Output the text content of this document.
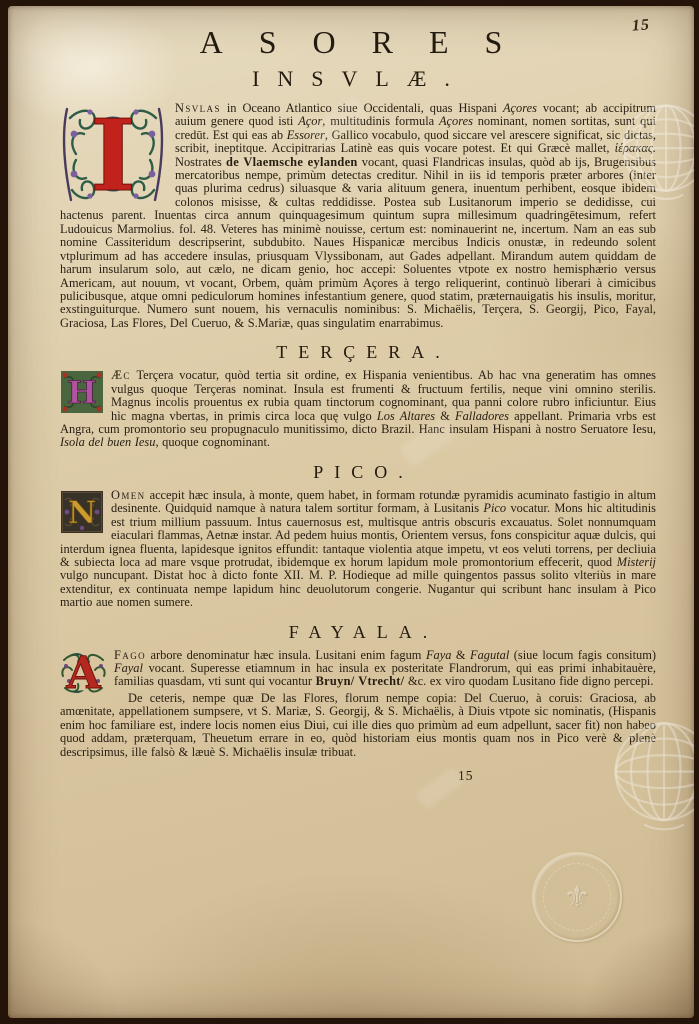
15
ASORES
INSVLÆ.

I	Nsvlas in Oceano Atlantico siue Occidentali, quas Hispani Açores vocant; ab accipitrum auium genere quod isti Açor, multitudinis formula Açores nominant, nomen sortitas, sunt qui credūt. Est qui eas ab Essorer, Gallico vocabulo, quod siccare vel arescere significat, sic dictas, scribit, ineptitque. Accipitrarias Latinè eas quis vocare potest. Et qui Græcè mallet, ἱέρακας. Nostrates de Vlaemsche eylanden vocant, quasi Flandricas insulas, quòd ab ijs, Brugensibus mercatoribus nempe, primùm detectas creditur. Nihil in iis id temporis præter arbores (inter quas plurima cedrus) siluasque & varia alituum genera, inuentum perhibent, eosque ibidem colonos misisse, & cultas reddidisse. Postea sub Lusitanorum imperio se dedidisse, cui hactenus parent. Inuentas circa annum quinquagesimum quintum supra millesimum quadringētesimum, refert Ludouicus Marmolius. fol. 48. Veteres has minimè nouisse, certum est: nominauerint ne, incertum. Nam an eas sub nomine Cassiteridum descripserint, subdubito. Naues Hispanicæ mercibus Indicis onustæ, in redeundo solent vtplurimum ad has accedere insulas, priusquam Vlyssibonam, aut Gades adpellant. Mirandum autem quiddam de harum insularum solo, aut cælo, ne dicam genio, hoc accepi: Soluentes vtpote ex nostro hemisphærio versus Americam, aut nouum, vt vocant, Orbem, quàm primùm Açores à tergo reliquerint, continuò liberari à cimicibus pulicibusque, atque omni pediculorum homines infestantium genere, quod statim, præternauigatis his insulis, moritur, exstinguiturque. Numero sunt nouem, his vernaculis nominibus: S. Michaëlis, Terçera, S. Georgij, Pico, Fayal, Graciosa, Las Flores, Del Cueruo, & S.Mariæ, quas singulatim enarrabimus.

TERÇERA.

H Æc Terçera vocatur, quòd tertia sit ordine, ex Hispania venientibus. Ab hac vna generatim has omnes vulgus quoque Terçeras nominat. Insula est frumenti & fructuum fertilis, neque vini omnino sterilis. Magnus incolis prouentus ex rubia quam tinctorum cognominant, qua panni colore rubro inficiuntur. Eius hìc magna vbertas, in primis circa loca quę vulgo Los Altares & Falladores appellant. Primaria vrbs est Angra, cum promontorio seu propugnaculo munitissimo, dicto Brazil. Hanc insulam Hispani à nostro Seruatore Iesu, Isola del buen Iesu, quoque cognominant.

PICO.

N Omen accepit hæc insula, à monte, quem habet, in formam rotundæ pyramidis acuminato fastigio in altum desinente. Quidquid namque à natura talem sortitur formam, à Lusitanis Pico vocatur. Mons hic altitudinis est trium millium passuum. Intus cauernosus est, multisque antris obscuris excauatus. Solet nonnumquam eiaculari flammas, Aetnæ instar. Ad pedem huius montis, Orientem versus, fons conspicitur aquæ dulcis, qui interdum ignea fluenta, lapidesque ignitos effundit: tantaque violentia atque impetu, vt eos veluti torrens, per decliuia & subiecta loca ad mare vsque protrudat, ibidemque ex horum lapidum mole promontorium effecerit, quod Misterij vulgo nuncupant. Distat hoc à dicto fonte XII. M. P. Hodieque ad mille quingentos passus solito vlteriùs in mare extenditur, ex continuata nempe lapidum hinc deuolutorum congerie. Nugantur qui scribunt hanc insulam à Pico martio aue nomen sumere.

FAYALA.

A Fago arbore denominatur hæc insula. Lusitani enim fagum Faya & Fagutal (siue locum fagis consitum) Fayal vocant. Superesse etiamnum in hac insula ex posteritate Flandrorum, qui eas primi inhabitauère, familias quasdam, vti sunt qui vocantur Bruyn/ Vtrecht/ &c. ex viro quodam Lusitano fide digno percepi.

De ceteris, nempe quæ De las Flores, florum nempe copia: Del Cueruo, à coruis: Graciosa, ab amœnitate, appellationem sumpsere, vt S. Mariæ, S. Georgij, & S. Michaëlis, à Diuis vtpote sic nominatis, (Hispanis enim hoc familiare est, indere locis nomen eius Diui, cui ille dies quo primùm ad eum adpellunt, sacer fit) non habeo quod addam, præterquam, Theuetum errare in eo, quòd historiam eius montis quam nos in Pico verè & plenè descripsimus, ille falsò & læuè S. Michaëlis insulæ tribuat.

15
⚜
